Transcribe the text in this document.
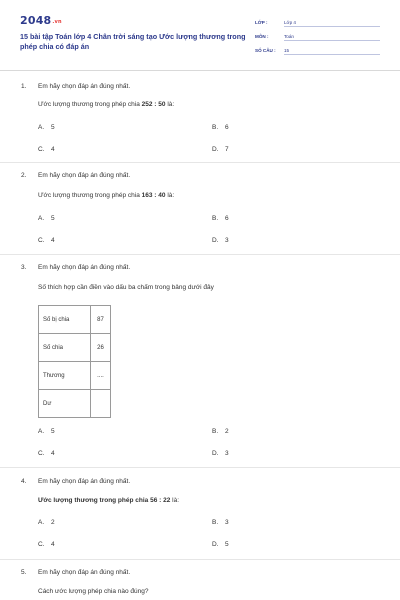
2048.vn
15 bài tập Toán lớp 4 Chân trời sáng tạo Ước lượng thương trong phép chia có đáp án
LỚP :	Lớp 4
MÔN :	Toán
SỐ CÂU : 15
1. Em hãy chọn đáp án đúng nhất.
Ước lượng thương trong phép chia 252 : 50 là:
A. 5	B. 6
C. 4	D. 7
2. Em hãy chọn đáp án đúng nhất.
Ước lượng thương trong phép chia 163 : 40 là:
A. 5	B. 6
C. 4	D. 3
3. Em hãy chọn đáp án đúng nhất.
Số thích hợp cần điền vào dấu ba chấm trong bảng dưới đây
Số bị chia	87
Số chia	26
Thương	....
Dư	
A. 5	B. 2
C. 4	D. 3
4. Em hãy chọn đáp án đúng nhất.
Ước lượng thương trong phép chia 56 : 22 là:
A. 2	B. 3
C. 4	D. 5
5. Em hãy chọn đáp án đúng nhất.
Cách ước lượng phép chia nào đúng?
